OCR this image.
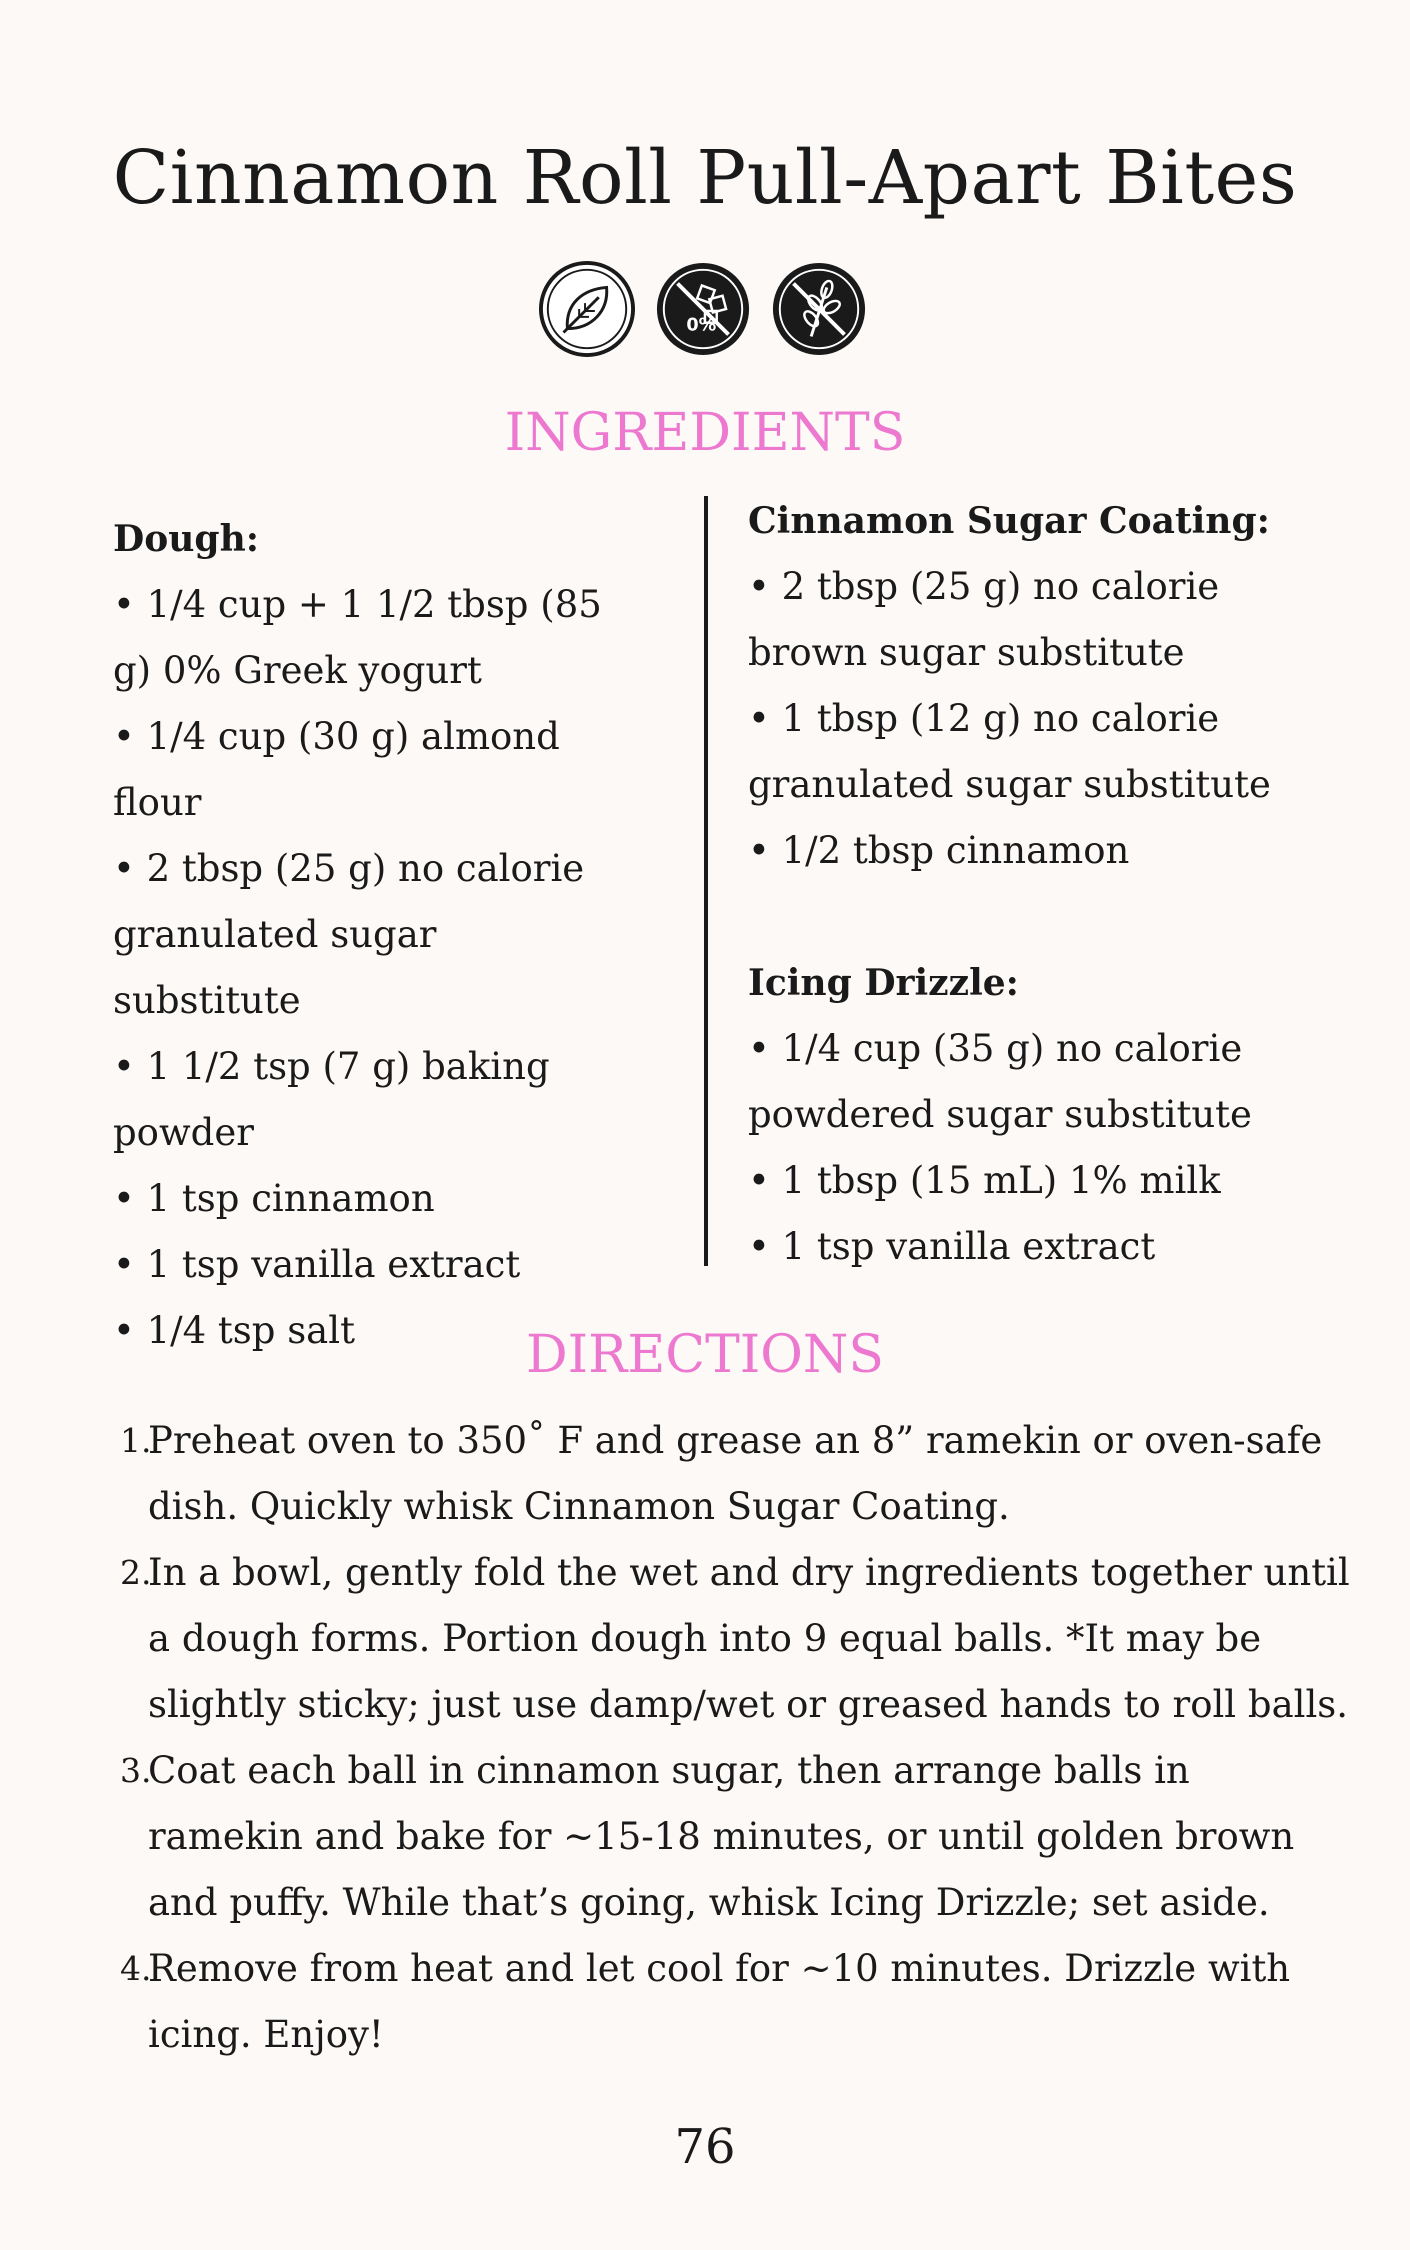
Cinnamon Roll Pull-Apart Bites
0%
INGREDIENTS

Dough:

• 1/4 cup + 1 1/2 tbsp (85 g) 0% Greek yogurt
• 1/4 cup (30 g) almond flour
• 2 tbsp (25 g) no calorie granulated sugar substitute
• 1 1/2 tsp (7 g) baking powder
• 1 tsp cinnamon
• 1 tsp vanilla extract
• 1/4 tsp salt

Cinnamon Sugar Coating:

• 2 tbsp (25 g) no calorie brown sugar substitute
• 1 tbsp (12 g) no calorie granulated sugar substitute
• 1/2 tbsp cinnamon

Icing Drizzle:

• 1/4 cup (35 g) no calorie powdered sugar substitute
• 1 tbsp (15 mL) 1% milk
• 1 tsp vanilla extract
DIRECTIONS
1.
Preheat oven to 350˚ F and grease an 8” ramekin or oven-safe dish. Quickly whisk Cinnamon Sugar Coating.
2.
In a bowl, gently fold the wet and dry ingredients together until a dough forms. Portion dough into 9 equal balls. *It may be slightly sticky; just use damp/wet or greased hands to roll balls.
3.
Coat each ball in cinnamon sugar, then arrange balls in ramekin and bake for ~15-18 minutes, or until golden brown and puffy. While that’s going, whisk Icing Drizzle; set aside.
4.
Remove from heat and let cool for ~10 minutes. Drizzle with icing. Enjoy!
76
